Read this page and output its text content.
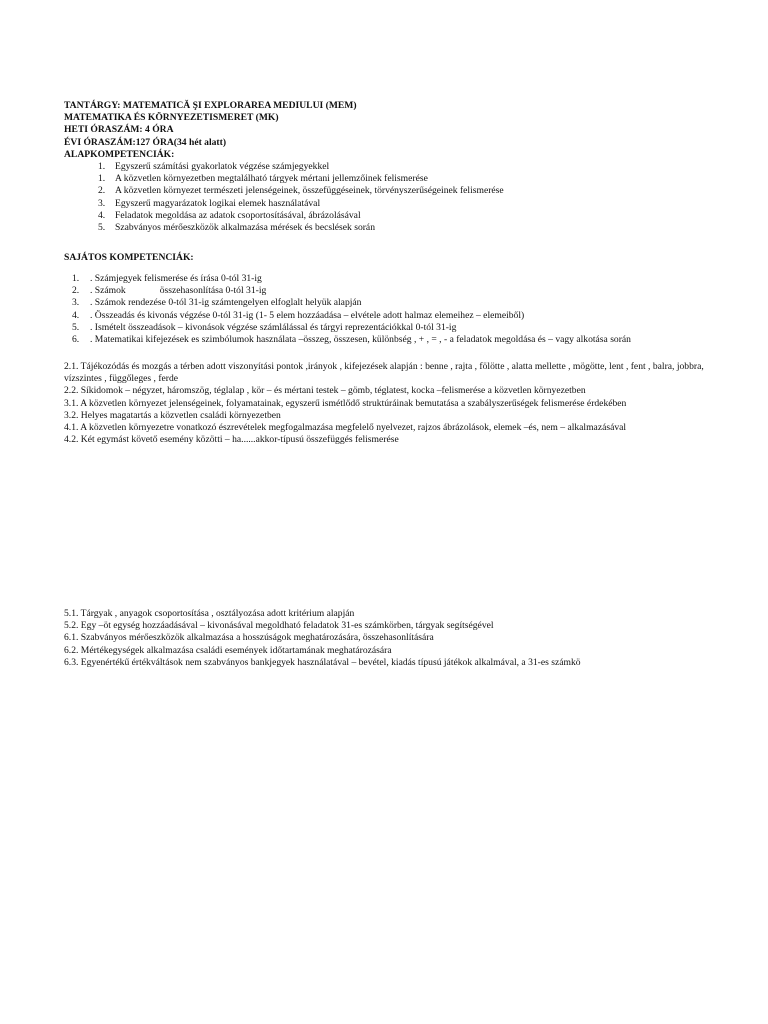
TANTÁRGY: MATEMATICĂ ŞI EXPLORAREA MEDIULUI (MEM)
MATEMATIKA ÉS KÖRNYEZETISMERET (MK)
HETI ÓRASZÁM: 4 ÓRA
ÉVI ÓRASZÁM:127 ÓRA(34 hét alatt)
ALAPKOMPETENCIÁK:
1.	Egyszerű számítási gyakorlatok végzése számjegyekkel
1.	A közvetlen környezetben megtalálható tárgyek mértani jellemzőinek felismerése
2.	A közvetlen környezet természeti jelenségeinek, összefüggéseinek, törvényszerűségeinek felismerése
3.	Egyszerű magyarázatok logikai elemek használatával
4.	Feladatok megoldása az adatok csoportosításával, ábrázolásával
5.	Szabványos mérőeszközök alkalmazása mérések és becslések során
SAJÁTOS KOMPETENCIÁK:
1.	. Számjegyek felismerése és írása 0-tól 31-ig
2.	. Számok	összehasonlítása 0-tól 31-ig
3.	. Számok rendezése 0-tól 31-ig számtengelyen elfoglalt helyük alapján
4.	. Összeadás és kivonás végzése 0-tól 31-ig (1- 5 elem hozzáadása – elvétele adott halmaz elemeihez – elemeiből)
5.	. Ismételt összeadások – kivonások végzése számlálással és tárgyi reprezentációkkal 0-tól 31-ig
6.	. Matematikai kifejezések es szimbólumok használata –összeg, összesen, különbség , + , = , - a feladatok megoldása és – vagy alkotása során

2.1. Tájékozódás és mozgás a térben adott viszonyítási pontok ,irányok , kifejezések alapján : benne , rajta , fölötte , alatta mellette , mögötte, lent , fent , balra, jobbra, vízszintes , függőleges , ferde

2.2. Síkidomok – négyzet, háromszög, téglalap , kör – és mértani testek – gömb, téglatest, kocka –felismerése a közvetlen környezetben

3.1. A közvetlen környezet jelenségeinek, folyamatainak, egyszerű ismétlődő struktúráinak bemutatása a szabályszerűségek felismerése érdekében

3.2. Helyes magatartás a közvetlen családi környezetben

4.1. A közvetlen környezetre vonatkozó észrevételek megfogalmazása megfelelő nyelvezet, rajzos ábrázolások, elemek –és, nem – alkalmazásával

4.2. Két egymást követő esemény közötti – ha......akkor-típusú összefüggés felismerése

5.1. Tárgyak , anyagok csoportosítása , osztályozása adott kritérium alapján

5.2. Egy –öt egység hozzáadásával – kivonásával megoldható feladatok 31-es számkörben, tárgyak segítségével

6.1. Szabványos mérőeszközök alkalmazása a hosszúságok meghatározására, összehasonlítására

6.2. Mértékegységek alkalmazása családi események időtartamának meghatározására

6.3. Egyenértékű értékváltások nem szabványos bankjegyek használatával – bevétel, kiadás típusú játékok alkalmával, a 31-es számkö
